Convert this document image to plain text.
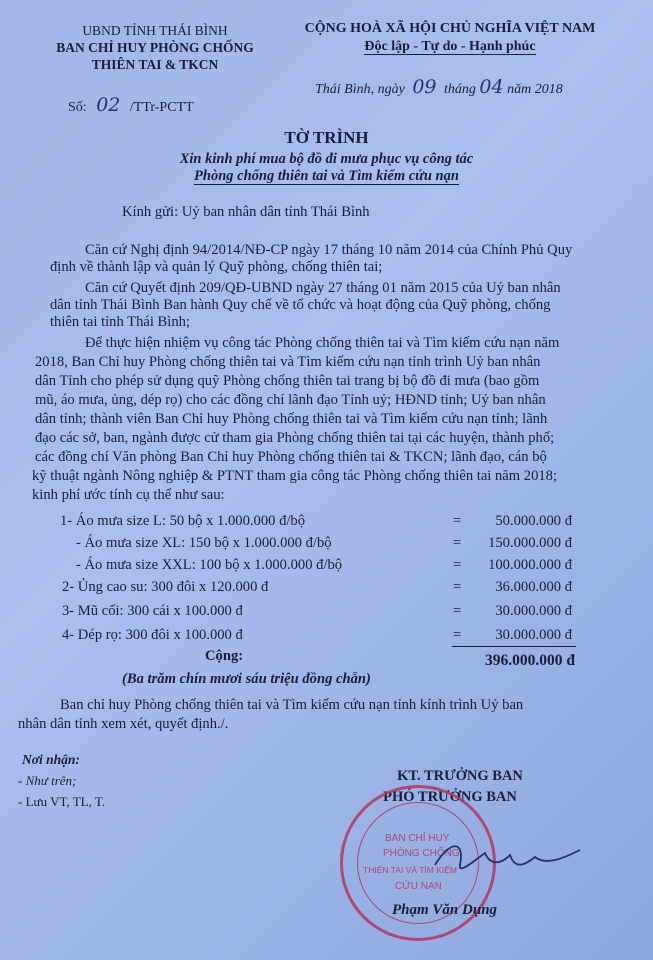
UBND TỈNH THÁI BÌNH
BAN CHỈ HUY PHÒNG CHỐNG
THIÊN TAI & TKCN
Số: 02 /TTr-PCTT
CỘNG HOÀ XÃ HỘI CHỦ NGHĨA VIỆT NAM
Độc lập - Tự do - Hạnh phúc
Thái Bình, ngày 09 tháng 04 năm 2018
TỜ TRÌNH
Xin kinh phí mua bộ đồ đi mưa phục vụ công tác
Phòng chống thiên tai và Tìm kiếm cứu nạn
Kính gửi: Uỷ ban nhân dân tỉnh Thái Bình
Căn cứ Nghị định 94/2014/NĐ-CP ngày 17 tháng 10 năm 2014 của Chính Phủ Quy
định về thành lập và quản lý Quỹ phòng, chống thiên tai;
Căn cứ Quyết định 209/QĐ-UBND ngày 27 tháng 01 năm 2015 của Uỷ ban nhân
dân tỉnh Thái Bình Ban hành Quy chế về tổ chức và hoạt động của Quỹ phòng, chống
thiên tai tỉnh Thái Bình;
Để thực hiện nhiệm vụ công tác Phòng chống thiên tai và Tìm kiếm cứu nạn năm
2018, Ban Chỉ huy Phòng chống thiên tai và Tìm kiếm cứu nạn tỉnh trình Uỷ ban nhân
dân Tỉnh cho phép sử dụng quỹ Phòng chống thiên tai trang bị bộ đồ đi mưa (bao gồm
mũ, áo mưa, ủng, dép rọ) cho các đồng chí lãnh đạo Tỉnh uỷ; HĐND tỉnh; Uỷ ban nhân
dân tỉnh; thành viên Ban Chỉ huy Phòng chống thiên tai và Tìm kiếm cứu nạn tỉnh; lãnh
đạo các sở, ban, ngành được cử tham gia Phòng chống thiên tai tại các huyện, thành phố;
các đồng chí Văn phòng Ban Chỉ huy Phòng chống thiên tai & TKCN; lãnh đạo, cán bộ
kỹ thuật ngành Nông nghiệp & PTNT tham gia công tác Phòng chống thiên tai năm 2018;
kinh phí ước tính cụ thể như sau:
1- Áo mưa size L: 50 bộ x 1.000.000 đ/bộ	=	50.000.000 đ
- Áo mưa size XL: 150 bộ x 1.000.000 đ/bộ	=	150.000.000 đ
- Áo mưa size XXL: 100 bộ x 1.000.000 đ/bộ	=	100.000.000 đ
2- Ủng cao su: 300 đôi x 120.000 đ	=	36.000.000 đ
3- Mũ cối: 300 cái x 100.000 đ	=	30.000.000 đ
4- Dép rọ: 300 đôi x 100.000 đ	=	30.000.000 đ
Cộng:	396.000.000 đ
(Ba trăm chín mươi sáu triệu đồng chẵn)
Ban chỉ huy Phòng chống thiên tai và Tìm kiếm cứu nạn tỉnh kính trình Uỷ ban
nhân dân tỉnh xem xét, quyết định./.
Nơi nhận:
- Như trên;
- Lưu VT, TL, T.
KT. TRƯỞNG BAN
PHÓ TRƯỞNG BAN
BAN CHỈ HUY
PHÒNG CHỐNG
THIÊN TAI VÀ TÌM KIẾM
CỨU NẠN
Phạm Văn Dụng
